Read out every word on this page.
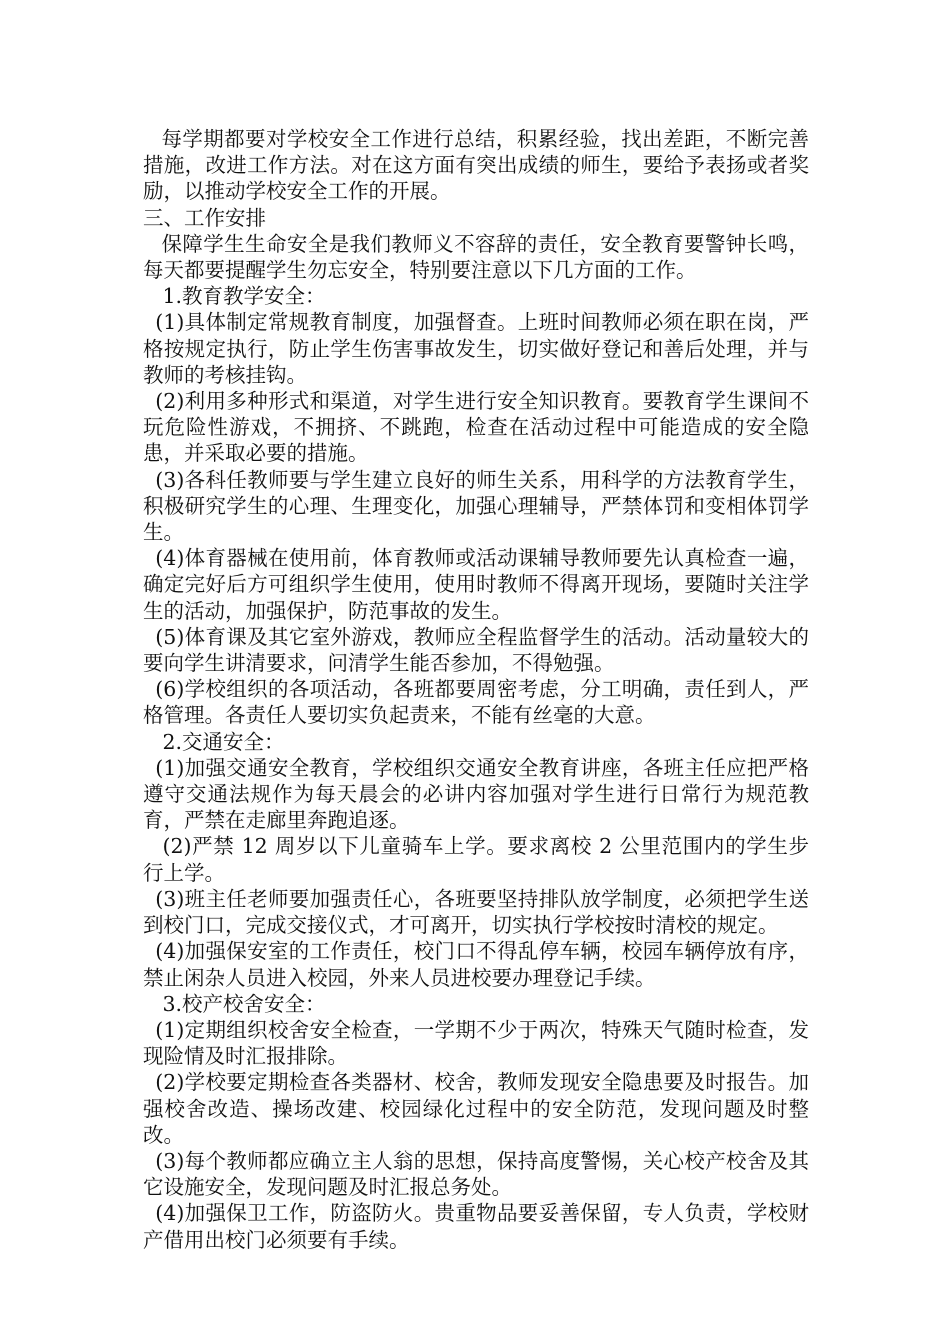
每学期都要对学校安全工作进行总结，积累经验，找出差距，不断完善措施，改进工作方法。对在这方面有突出成绩的师生，要给予表扬或者奖励，以推动学校安全工作的开展。

三、工作安排

保障学生生命安全是我们教师义不容辞的责任，安全教育要警钟长鸣，每天都要提醒学生勿忘安全，特别要注意以下几方面的工作。

1.教育教学安全：

(1)具体制定常规教育制度，加强督查。上班时间教师必须在职在岗，严格按规定执行，防止学生伤害事故发生，切实做好登记和善后处理，并与教师的考核挂钩。

(2)利用多种形式和渠道，对学生进行安全知识教育。要教育学生课间不玩危险性游戏，不拥挤、不跳跑，检查在活动过程中可能造成的安全隐患，并采取必要的措施。

(3)各科任教师要与学生建立良好的师生关系，用科学的方法教育学生，积极研究学生的心理、生理变化，加强心理辅导，严禁体罚和变相体罚学生。

(4)体育器械在使用前，体育教师或活动课辅导教师要先认真检查一遍，确定完好后方可组织学生使用，使用时教师不得离开现场，要随时关注学生的活动，加强保护，防范事故的发生。

(5)体育课及其它室外游戏，教师应全程监督学生的活动。活动量较大的要向学生讲清要求，问清学生能否参加，不得勉强。

(6)学校组织的各项活动，各班都要周密考虑，分工明确，责任到人，严格管理。各责任人要切实负起责来，不能有丝毫的大意。

2.交通安全：

(1)加强交通安全教育，学校组织交通安全教育讲座，各班主任应把严格遵守交通法规作为每天晨会的必讲内容加强对学生进行日常行为规范教育，严禁在走廊里奔跑追逐。

(2)严禁 12 周岁以下儿童骑车上学。要求离校 2 公里范围内的学生步行上学。

(3)班主任老师要加强责任心，各班要坚持排队放学制度，必须把学生送到校门口，完成交接仪式，才可离开，切实执行学校按时清校的规定。

(4)加强保安室的工作责任，校门口不得乱停车辆，校园车辆停放有序，禁止闲杂人员进入校园，外来人员进校要办理登记手续。

3.校产校舍安全：

(1)定期组织校舍安全检查，一学期不少于两次，特殊天气随时检查，发现险情及时汇报排除。

(2)学校要定期检查各类器材、校舍，教师发现安全隐患要及时报告。加强校舍改造、操场改建、校园绿化过程中的安全防范，发现问题及时整改。

(3)每个教师都应确立主人翁的思想，保持高度警惕，关心校产校舍及其它设施安全，发现问题及时汇报总务处。

(4)加强保卫工作，防盗防火。贵重物品要妥善保留，专人负责，学校财产借用出校门必须要有手续。
